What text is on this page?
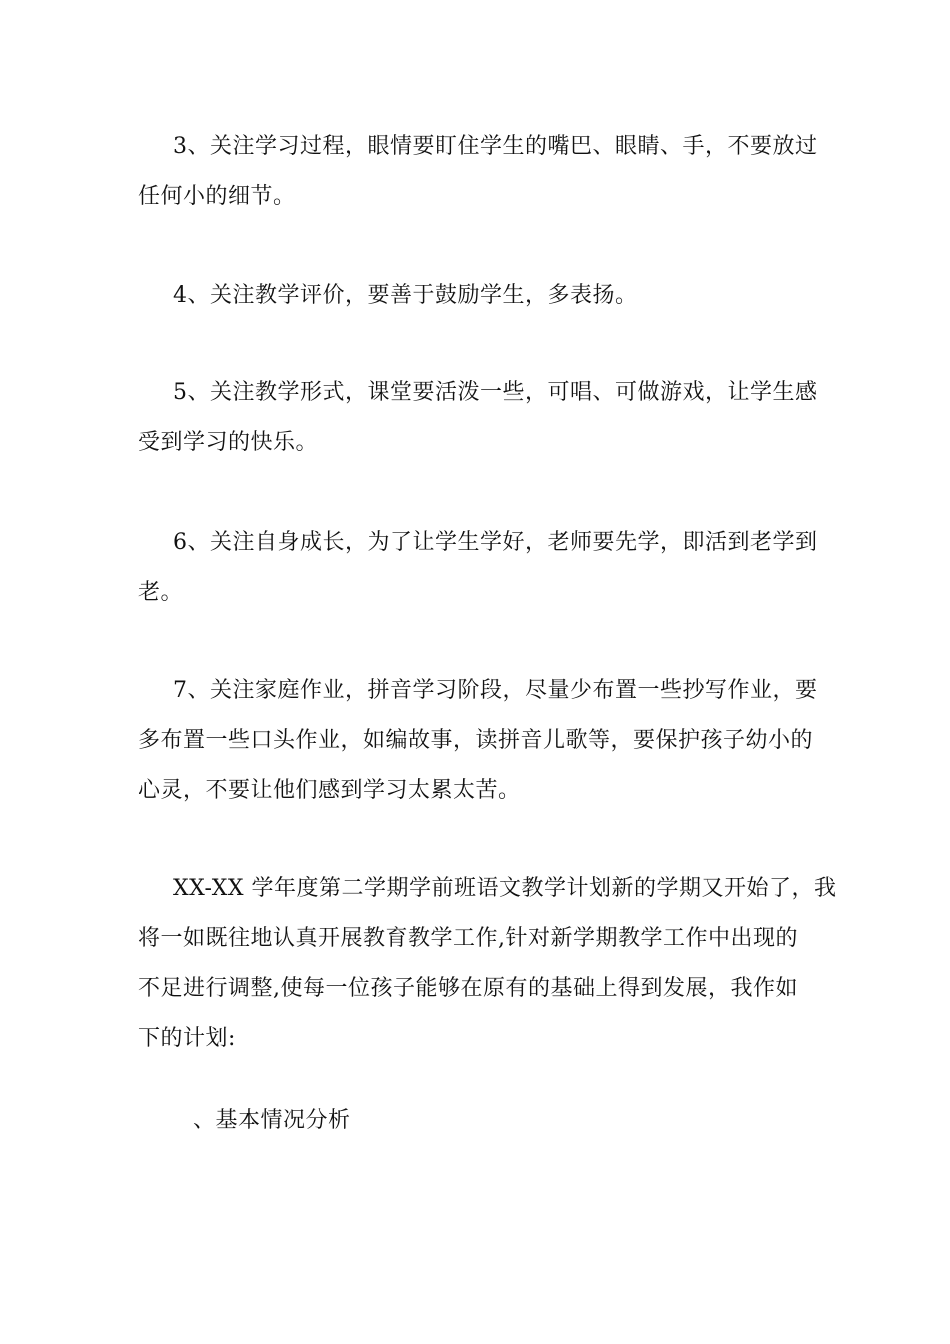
3、关注学习过程，眼情要盯住学生的嘴巴、眼睛、手，不要放过
任何小的细节。
4、关注教学评价，要善于鼓励学生，多表扬。
5、关注教学形式，课堂要活泼一些，可唱、可做游戏，让学生感
受到学习的快乐。
6、关注自身成长，为了让学生学好，老师要先学，即活到老学到
老。
7、关注家庭作业，拼音学习阶段，尽量少布置一些抄写作业，要
多布置一些口头作业，如编故事，读拼音儿歌等，要保护孩子幼小的
心灵，不要让他们感到学习太累太苦。
XX-XX 学年度第二学期学前班语文教学计划新的学期又开始了，我
将一如既往地认真开展教育教学工作,针对新学期教学工作中出现的
不足进行调整,使每一位孩子能够在原有的基础上得到发展，我作如
下的计划:
、基本情况分析
